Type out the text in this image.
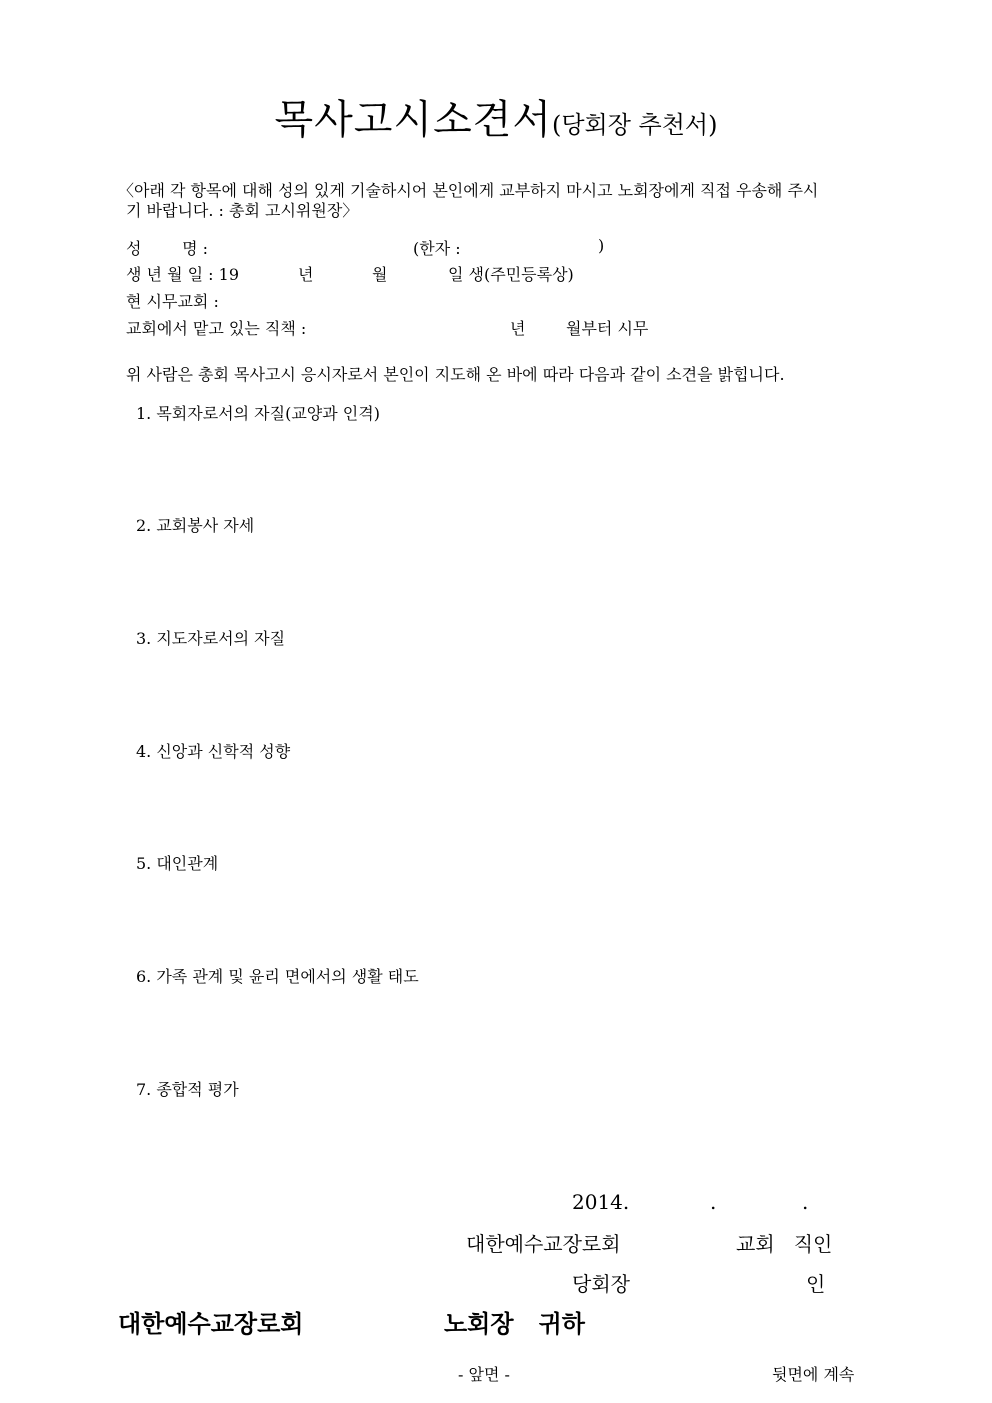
목사고시소견서(당회장 추천서)
〈아래 각 항목에 대해 성의 있게 기술하시어 본인에게 교부하지 마시고 노회장에게 직접 우송해 주시
기 바랍니다. : 총회 고시위원장〉
성        명 :	(한자 :	)
생 년 월 일 : 19	년	월	일 생(주민등록상)
현 시무교회 :
교회에서 맡고 있는 직책 :	년	월부터 시무
위 사람은 총회 목사고시 응시자로서 본인이 지도해 온 바에 따라 다음과 같이 소견을 밝힙니다.
1. 목회자로서의 자질(교양과 인격)
2. 교회봉사 자세
3. 지도자로서의 자질
4. 신앙과 신학적 성향
5. 대인관계
6. 가족 관계 및 윤리 면에서의 생활 태도
7. 종합적 평가
2014.	.	.
대한예수교장로회	교회   직인
당회장	인
대한예수교장로회	노회장   귀하
- 앞면 -	뒷면에 계속
